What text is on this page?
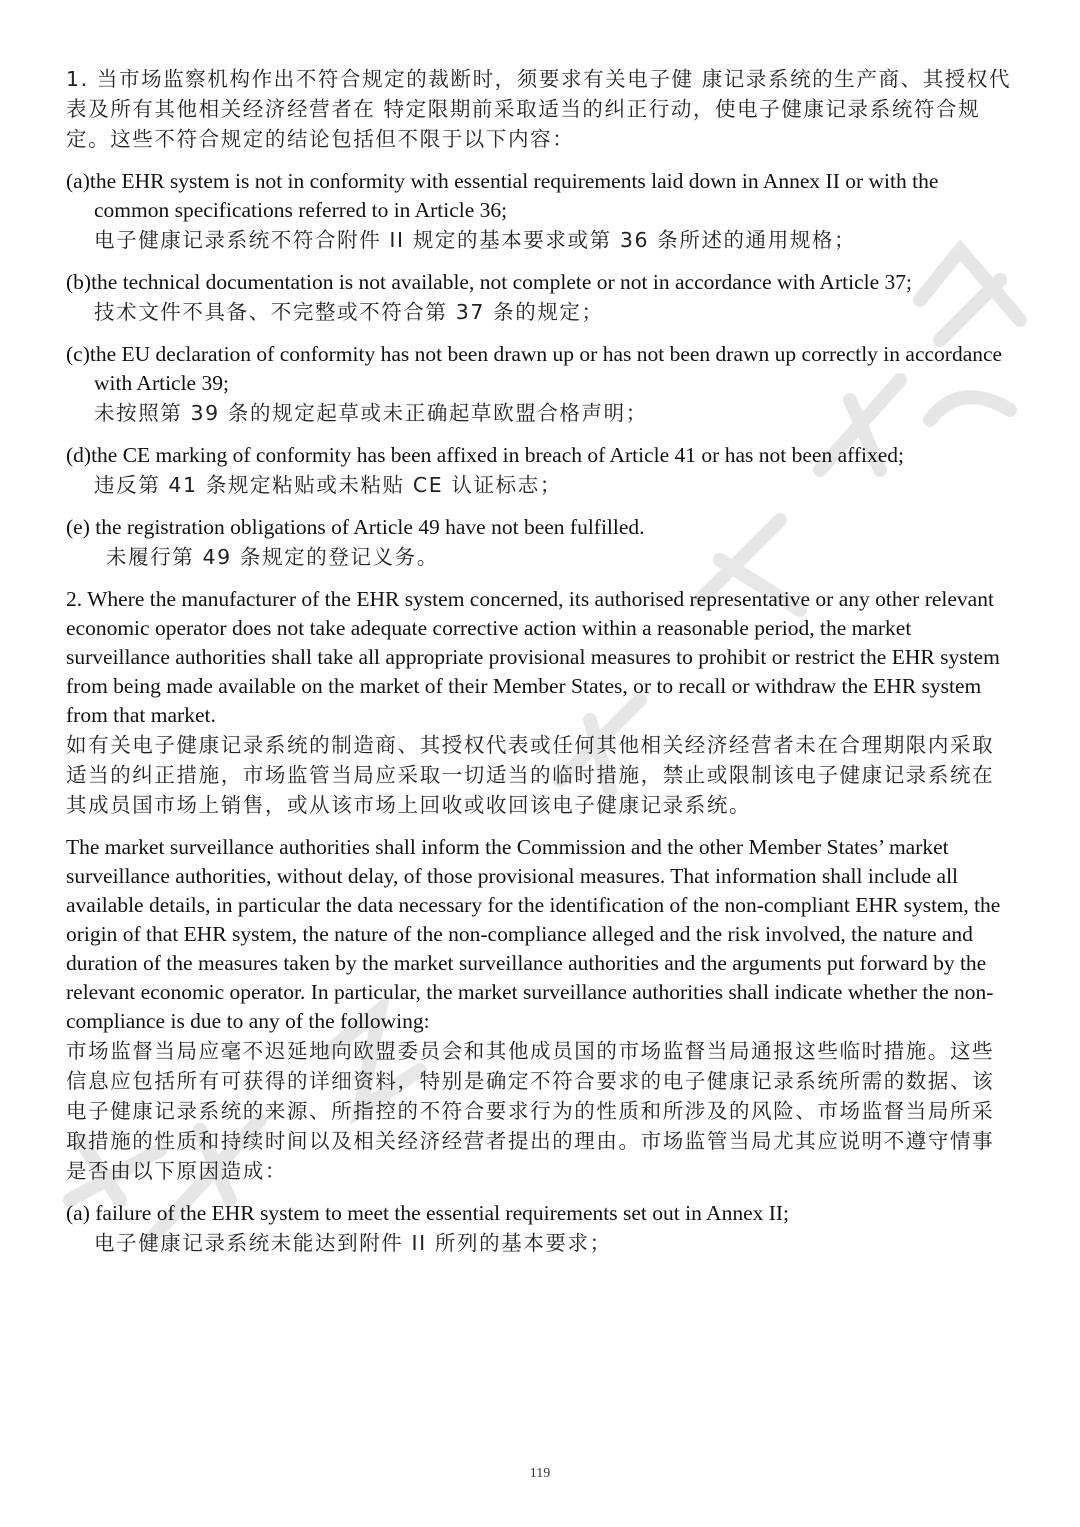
1. 当市场监察机构作出不符合规定的裁断时，须要求有关电子健 康记录系统的生产商、其授权代表及所有其他相关经济经营者在 特定限期前采取适当的纠正行动，使电子健康记录系统符合规定。这些不符合规定的结论包括但不限于以下内容：

(a)the EHR system is not in conformity with essential requirements laid down in Annex II or with the common specifications referred to in Article 36;

电子健康记录系统不符合附件 II 规定的基本要求或第 36 条所述的通用规格；

(b)the technical documentation is not available, not complete or not in accordance with Article 37;

技术文件不具备、不完整或不符合第 37 条的规定；

(c)the EU declaration of conformity has not been drawn up or has not been drawn up correctly in accordance with Article 39;

未按照第 39 条的规定起草或未正确起草欧盟合格声明；

(d)the CE marking of conformity has been affixed in breach of Article 41 or has not been affixed;

违反第 41 条规定粘贴或未粘贴 CE 认证标志；

(e) the registration obligations of Article 49 have not been fulfilled.

未履行第 49 条规定的登记义务。

2. Where the manufacturer of the EHR system concerned, its authorised representative or any other relevant economic operator does not take adequate corrective action within a reasonable period, the market surveillance authorities shall take all appropriate provisional measures to prohibit or restrict the EHR system from being made available on the market of their Member States, or to recall or withdraw the EHR system from that market.

如有关电子健康记录系统的制造商、其授权代表或任何其他相关经济经营者未在合理期限内采取适当的纠正措施，市场监管当局应采取一切适当的临时措施，禁止或限制该电子健康记录系统在其成员国市场上销售，或从该市场上回收或收回该电子健康记录系统。

The market surveillance authorities shall inform the Commission and the other Member States’ market surveillance authorities, without delay, of those provisional measures. That information shall include all available details, in particular the data necessary for the identification of the non-compliant EHR system, the origin of that EHR system, the nature of the non-compliance alleged and the risk involved, the nature and duration of the measures taken by the market surveillance authorities and the arguments put forward by the relevant economic operator. In particular, the market surveillance authorities shall indicate whether the non-compliance is due to any of the following:

市场监督当局应毫不迟延地向欧盟委员会和其他成员国的市场监督当局通报这些临时措施。这些信息应包括所有可获得的详细资料，特别是确定不符合要求的电子健康记录系统所需的数据、该电子健康记录系统的来源、所指控的不符合要求行为的性质和所涉及的风险、市场监督当局所采取措施的性质和持续时间以及相关经济经营者提出的理由。市场监管当局尤其应说明不遵守情事是否由以下原因造成：

(a) failure of the EHR system to meet the essential requirements set out in Annex II;

电子健康记录系统未能达到附件 II 所列的基本要求；

119
